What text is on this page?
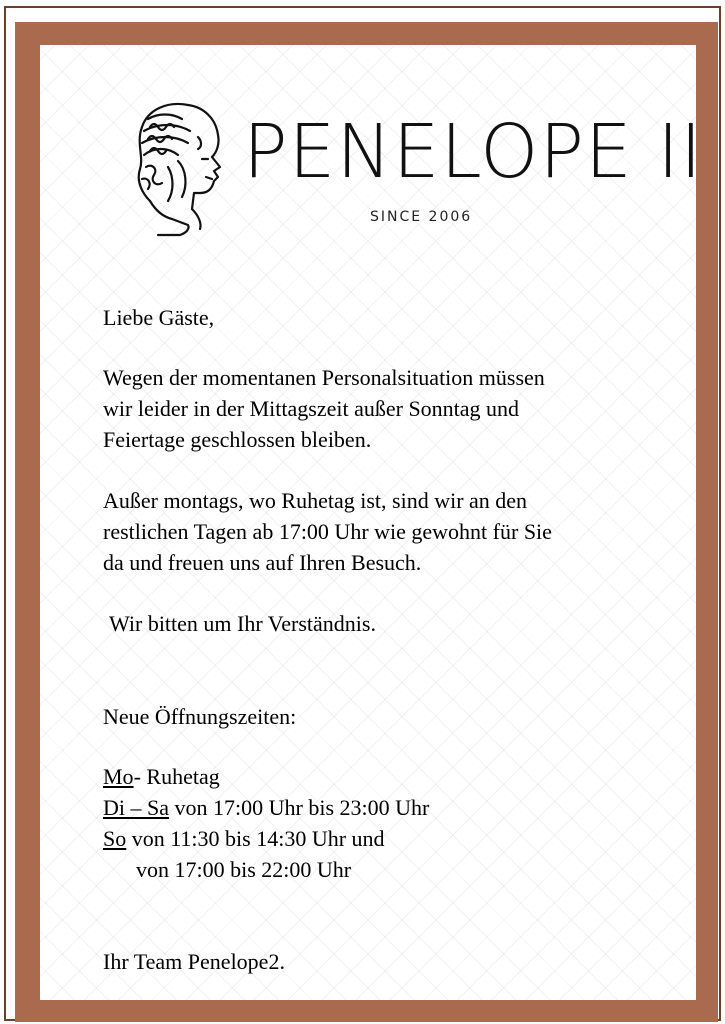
PENELOPE II
SINCE 2006
Liebe Gäste,
Wegen der momentanen Personalsituation müssen
wir leider in der Mittagszeit außer Sonntag und
Feiertage geschlossen bleiben.
Außer montags, wo Ruhetag ist, sind wir an den
restlichen Tagen ab 17:00 Uhr wie gewohnt für Sie
da und freuen uns auf Ihren Besuch.
Wir bitten um Ihr Verständnis.
Neue Öffnungszeiten:
Mo- Ruhetag
Di – Sa von 17:00 Uhr bis 23:00 Uhr
So von 11:30 bis 14:30 Uhr und
von 17:00 bis 22:00 Uhr
Ihr Team Penelope2.
